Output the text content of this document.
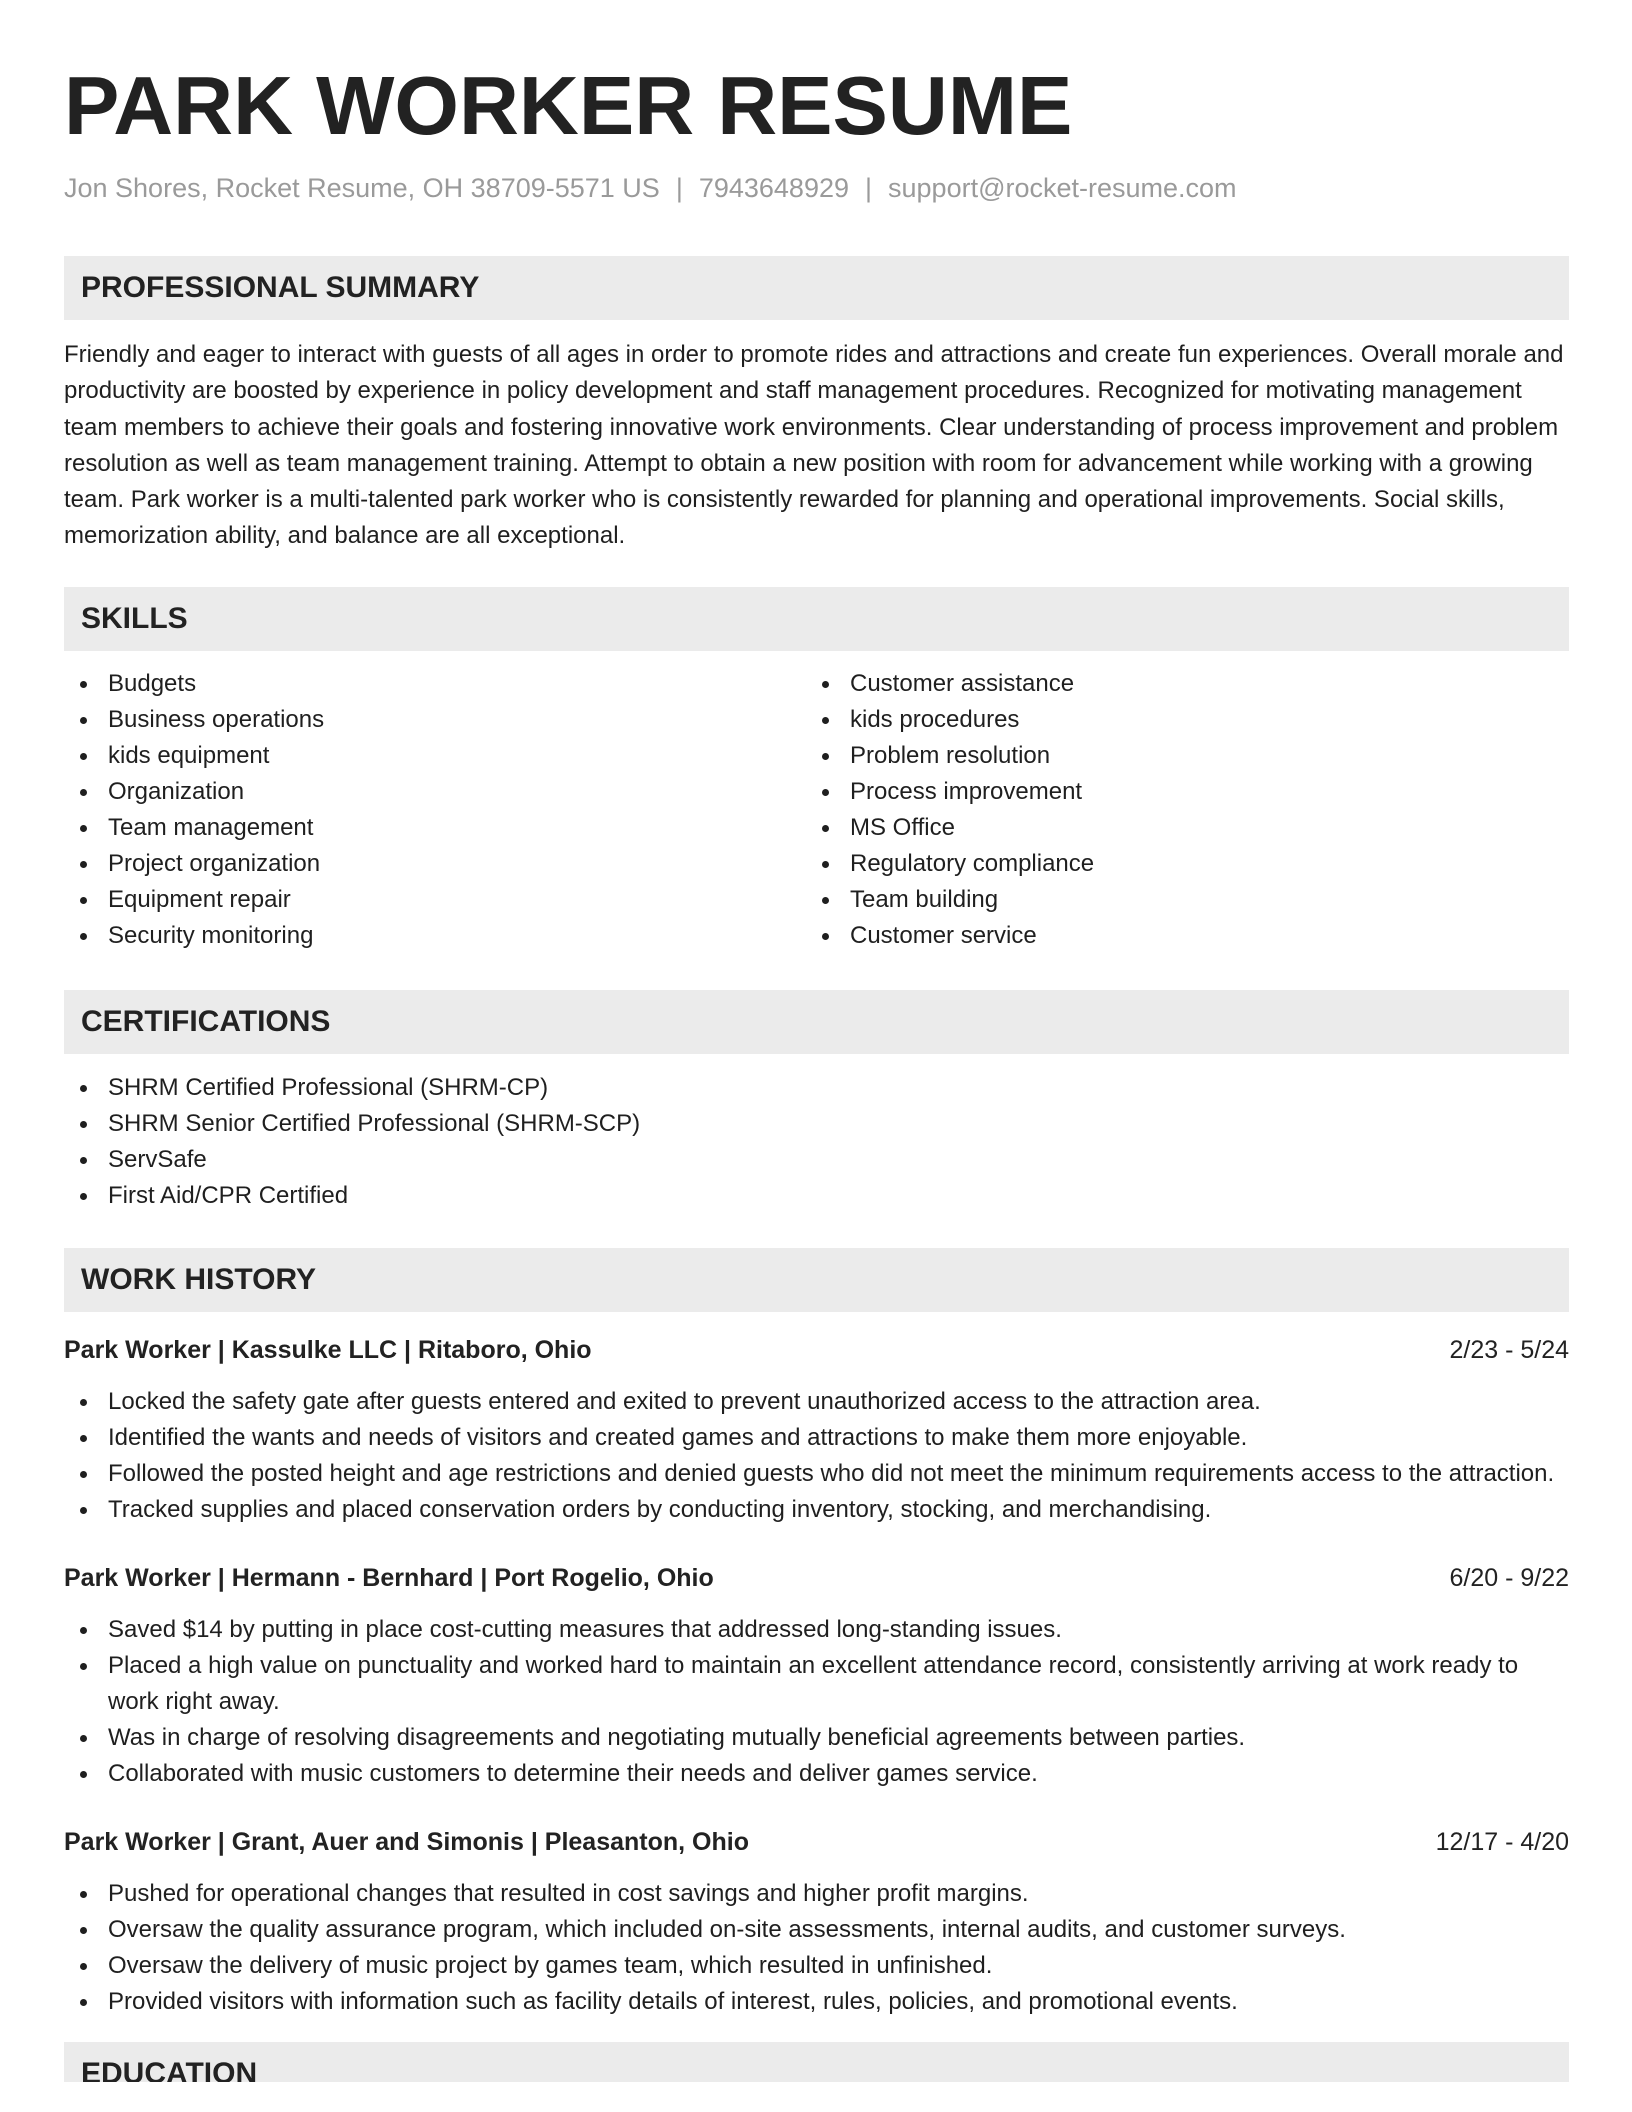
PARK WORKER RESUME
Jon Shores, Rocket Resume, OH 38709-5571 US | 7943648929 | support@rocket-resume.com
PROFESSIONAL SUMMARY
Friendly and eager to interact with guests of all ages in order to promote rides and attractions and create fun experiences. Overall morale and productivity are boosted by experience in policy development and staff management procedures. Recognized for motivating management team members to achieve their goals and fostering innovative work environments. Clear understanding of process improvement and problem resolution as well as team management training. Attempt to obtain a new position with room for advancement while working with a growing team. Park worker is a multi-talented park worker who is consistently rewarded for planning and operational improvements. Social skills, memorization ability, and balance are all exceptional.
SKILLS
Budgets
Business operations
kids equipment
Organization
Team management
Project organization
Equipment repair
Security monitoring
Customer assistance
kids procedures
Problem resolution
Process improvement
MS Office
Regulatory compliance
Team building
Customer service
CERTIFICATIONS
SHRM Certified Professional (SHRM-CP)
SHRM Senior Certified Professional (SHRM-SCP)
ServSafe
First Aid/CPR Certified
WORK HISTORY
Park Worker | Kassulke LLC | Ritaboro, Ohio	2/23 - 5/24
Locked the safety gate after guests entered and exited to prevent unauthorized access to the attraction area.
Identified the wants and needs of visitors and created games and attractions to make them more enjoyable.
Followed the posted height and age restrictions and denied guests who did not meet the minimum requirements access to the attraction.
Tracked supplies and placed conservation orders by conducting inventory, stocking, and merchandising.
Park Worker | Hermann - Bernhard | Port Rogelio, Ohio	6/20 - 9/22
Saved $14 by putting in place cost-cutting measures that addressed long-standing issues.
Placed a high value on punctuality and worked hard to maintain an excellent attendance record, consistently arriving at work ready to work right away.
Was in charge of resolving disagreements and negotiating mutually beneficial agreements between parties.
Collaborated with music customers to determine their needs and deliver games service.
Park Worker | Grant, Auer and Simonis | Pleasanton, Ohio	12/17 - 4/20
Pushed for operational changes that resulted in cost savings and higher profit margins.
Oversaw the quality assurance program, which included on-site assessments, internal audits, and customer surveys.
Oversaw the delivery of music project by games team, which resulted in unfinished.
Provided visitors with information such as facility details of interest, rules, policies, and promotional events.
EDUCATION
